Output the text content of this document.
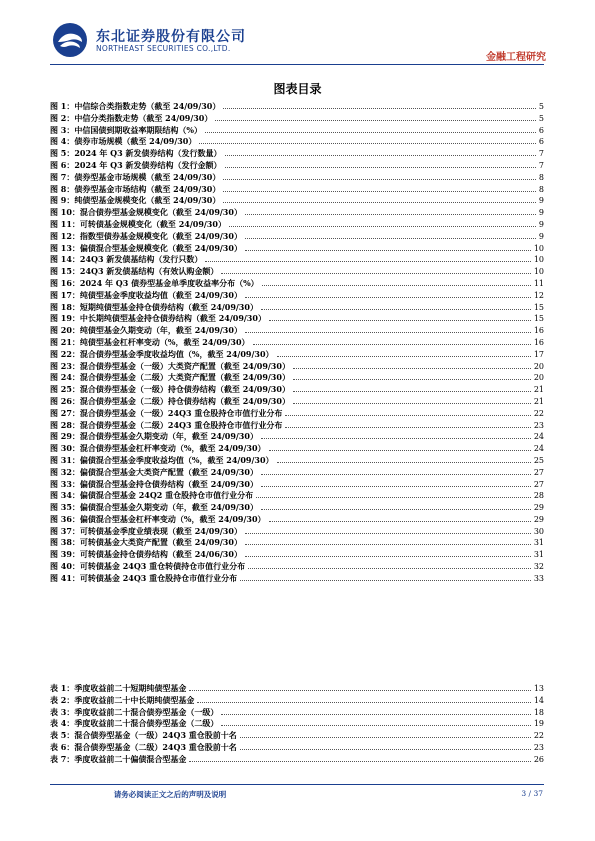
东北证券股份有限公司
NORTHEAST SECURITIES CO.,LTD.
金融工程研究
图表目录
图 1：中信综合类指数走势（截至 24/09/30）	5
图 2：中信分类指数走势（截至 24/09/30）	5
图 3：中信国债到期收益率期限结构（%）	6
图 4：债券市场规模（截至 24/09/30）	6
图 5：2024 年 Q3 新发债券结构（发行数量）	7
图 6：2024 年 Q3 新发债券结构（发行金额）	7
图 7：债券型基金市场规模（截至 24/09/30）	8
图 8：债券型基金市场结构（截至 24/09/30）	8
图 9：纯债型基金规模变化（截至 24/09/30）	9
图 10：混合债券型基金规模变化（截至 24/09/30）	9
图 11：可转债基金规模变化（截至 24/09/30）	9
图 12：指数型债券基金规模变化（截至 24/09/30）	9
图 13：偏债混合型基金规模变化（截至 24/09/30）	10
图 14：24Q3 新发债基结构（发行只数）	10
图 15：24Q3 新发债基结构（有效认购金额）	10
图 16：2024 年 Q3 债券型基金单季度收益率分布（%）	11
图 17：纯债型基金季度收益均值（截至 24/09/30）	12
图 18：短期纯债型基金持仓债券结构（截至 24/09/30）	15
图 19：中长期纯债型基金持仓债券结构（截至 24/09/30）	15
图 20：纯债型基金久期变动（年，截至 24/09/30）	16
图 21：纯债型基金杠杆率变动（%，截至 24/09/30）	16
图 22：混合债券型基金季度收益均值（%，截至 24/09/30）	17
图 23：混合债券型基金（一级）大类资产配置（截至 24/09/30）	20
图 24：混合债券型基金（二级）大类资产配置（截至 24/09/30）	20
图 25：混合债券型基金（一级）持仓债券结构（截至 24/09/30）	21
图 26：混合债券型基金（二级）持仓债券结构（截至 24/09/30）	21
图 27：混合债券型基金（一级）24Q3 重仓股持仓市值行业分布	22
图 28：混合债券型基金（二级）24Q3 重仓股持仓市值行业分布	23
图 29：混合债券型基金久期变动（年，截至 24/09/30）	24
图 30：混合债券型基金杠杆率变动（%，截至 24/09/30）	24
图 31：偏债混合型基金季度收益均值（%，截至 24/09/30）	25
图 32：偏债混合型基金大类资产配置（截至 24/09/30）	27
图 33：偏债混合型基金持仓债券结构（截至 24/09/30）	27
图 34：偏债混合型基金 24Q2 重仓股持仓市值行业分布	28
图 35：偏债混合型基金久期变动（年，截至 24/09/30）	29
图 36：偏债混合型基金杠杆率变动（%，截至 24/09/30）	29
图 37：可转债基金季度业绩表现（截至 24/09/30）	30
图 38：可转债基金大类资产配置（截至 24/09/30）	31
图 39：可转债基金持仓债券结构（截至 24/06/30）	31
图 40：可转债基金 24Q3 重仓转债持仓市值行业分布	32
图 41：可转债基金 24Q3 重仓股持仓市值行业分布	33
表 1：季度收益前二十短期纯债型基金	13
表 2：季度收益前二十中长期纯债型基金	14
表 3：季度收益前二十混合债券型基金（一级）	18
表 4：季度收益前二十混合债券型基金（二级）	19
表 5：混合债券型基金（一级）24Q3 重仓股前十名	22
表 6：混合债券型基金（二级）24Q3 重仓股前十名	23
表 7：季度收益前二十偏债混合型基金	26
请务必阅读正文之后的声明及说明	3 / 37
